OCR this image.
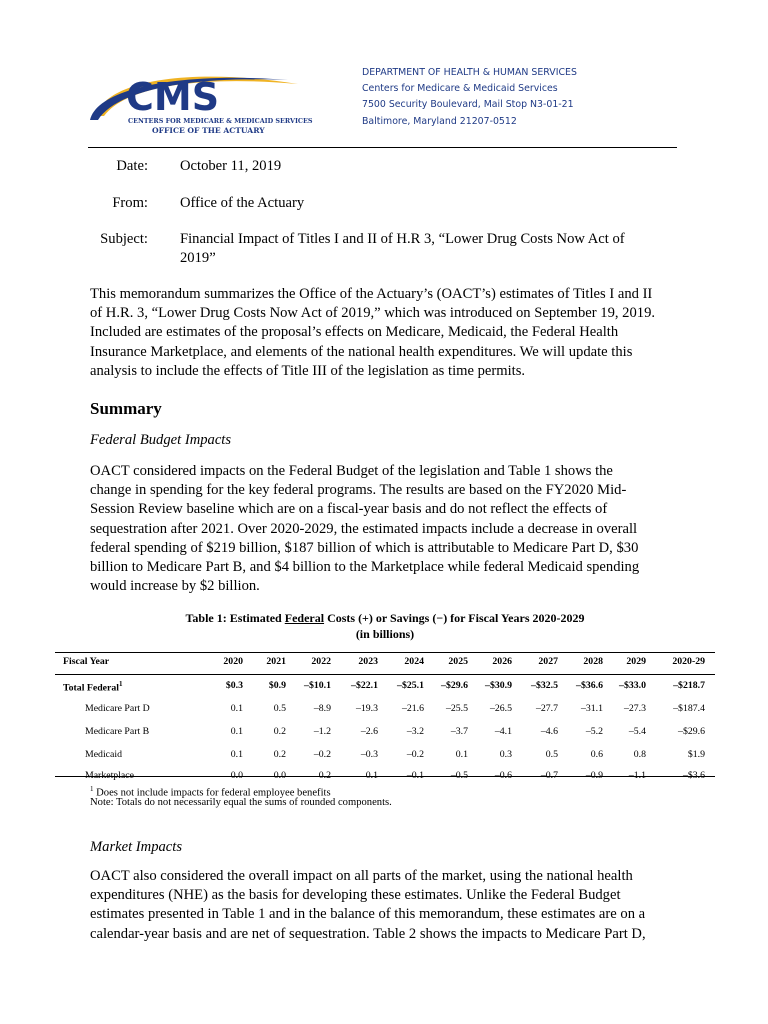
CMS
CENTERS FOR MEDICARE & MEDICAID SERVICES
OFFICE OF THE ACTUARY
DEPARTMENT OF HEALTH & HUMAN SERVICES
Centers for Medicare & Medicaid Services
7500 Security Boulevard, Mail Stop N3-01-21
Baltimore, Maryland 21207-0512
Date: October 11, 2019
From: Office of the Actuary
Subject: Financial Impact of Titles I and II of H.R 3, “Lower Drug Costs Now Act of
2019”
This memorandum summarizes the Office of the Actuary’s (OACT’s) estimates of Titles I and II
of H.R. 3, “Lower Drug Costs Now Act of 2019,” which was introduced on September 19, 2019.
Included are estimates of the proposal’s effects on Medicare, Medicaid, the Federal Health
Insurance Marketplace, and elements of the national health expenditures. We will update this
analysis to include the effects of Title III of the legislation as time permits.
Summary
Federal Budget Impacts
OACT considered impacts on the Federal Budget of the legislation and Table 1 shows the
change in spending for the key federal programs. The results are based on the FY2020 Mid-
Session Review baseline which are on a fiscal-year basis and do not reflect the effects of
sequestration after 2021. Over 2020-2029, the estimated impacts include a decrease in overall
federal spending of $219 billion, $187 billion of which is attributable to Medicare Part D, $30
billion to Medicare Part B, and $4 billion to the Marketplace while federal Medicaid spending
would increase by $2 billion.
Table 1: Estimated Federal Costs (+) or Savings (−) for Fiscal Years 2020-2029
(in billions)
Fiscal Year	2020 2021	2022	2023	2024 2025 2026	2027	2028 2029	2020-29
Total Federal$^1$	$0.3	$0.9 –$10.1 –$22.1 –$25.1 –$29.6 –$30.9 –$32.5 –$36.6 –$33.0	–$218.7
Medicare Part D	0.1	0.5	–8.9	–19.3 –21.6 –25.5 –26.5 –27.7 –31.1 –27.3	–$187.4
Medicare Part B	0.1	0.2	–1.2	–2.6	–3.2	–3.7	–4.1	–4.6	–5.2	–5.4	–$29.6
Medicaid	0.1	0.2	–0.2	–0.3	–0.2	0.1	0.3	0.5	0.6	0.8	$1.9
Marketplace	0.0	0.0	0.2	0.1	–0.1	–0.5	–0.6	–0.7	–0.9	–1.1	–$3.6
$^1$ Does not include impacts for federal employee benefits
Note: Totals do not necessarily equal the sums of rounded components.
Market Impacts
OACT also considered the overall impact on all parts of the market, using the national health
expenditures (NHE) as the basis for developing these estimates. Unlike the Federal Budget
estimates presented in Table 1 and in the balance of this memorandum, these estimates are on a
calendar-year basis and are net of sequestration. Table 2 shows the impacts to Medicare Part D,
